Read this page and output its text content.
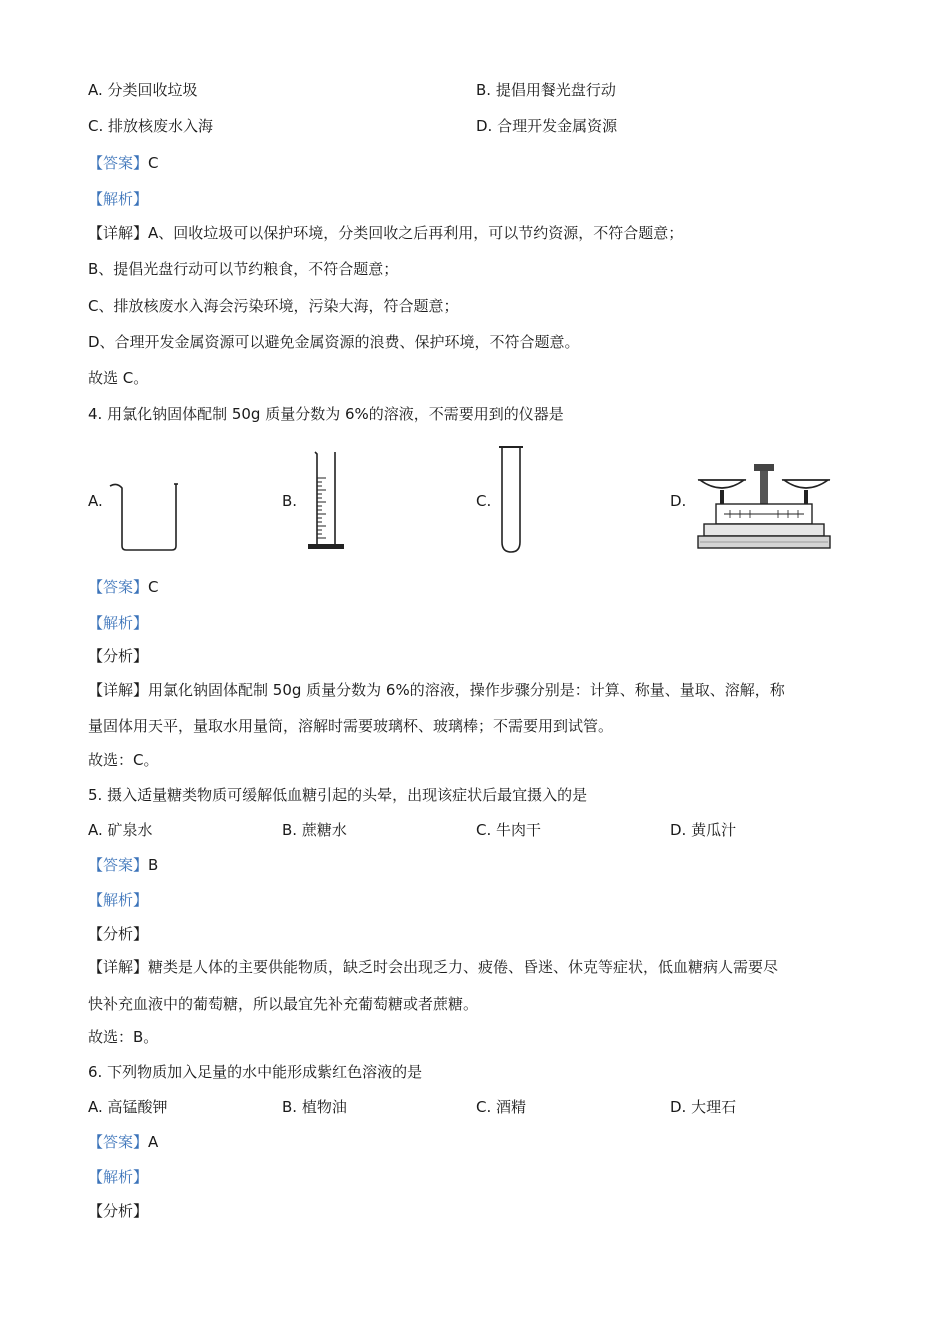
A. 分类回收垃圾	B. 提倡用餐光盘行动
C. 排放核废水入海	D. 合理开发金属资源
【答案】C
【解析】
【详解】A、回收垃圾可以保护环境，分类回收之后再利用，可以节约资源，不符合题意；
B、提倡光盘行动可以节约粮食，不符合题意；
C、排放核废水入海会污染环境，污染大海，符合题意；
D、合理开发金属资源可以避免金属资源的浪费、保护环境，不符合题意。
故选 C。
4. 用氯化钠固体配制 50g 质量分数为 6%的溶液，不需要用到的仪器是
A.	B.	C.	D.
【答案】C
【解析】
【分析】
【详解】用氯化钠固体配制 50g 质量分数为 6%的溶液，操作步骤分别是：计算、称量、量取、溶解，称
量固体用天平，量取水用量筒，溶解时需要玻璃杯、玻璃棒；不需要用到试管。
故选：C。
5. 摄入适量糖类物质可缓解低血糖引起的头晕，出现该症状后最宜摄入的是
A. 矿泉水	B. 蔗糖水	C. 牛肉干	D. 黄瓜汁
【答案】B
【解析】
【分析】
【详解】糖类是人体的主要供能物质，缺乏时会出现乏力、疲倦、昏迷、休克等症状，低血糖病人需要尽
快补充血液中的葡萄糖，所以最宜先补充葡萄糖或者蔗糖。
故选：B。
6. 下列物质加入足量的水中能形成紫红色溶液的是
A. 高锰酸钾	B. 植物油	C. 酒精	D. 大理石
【答案】A
【解析】
【分析】
